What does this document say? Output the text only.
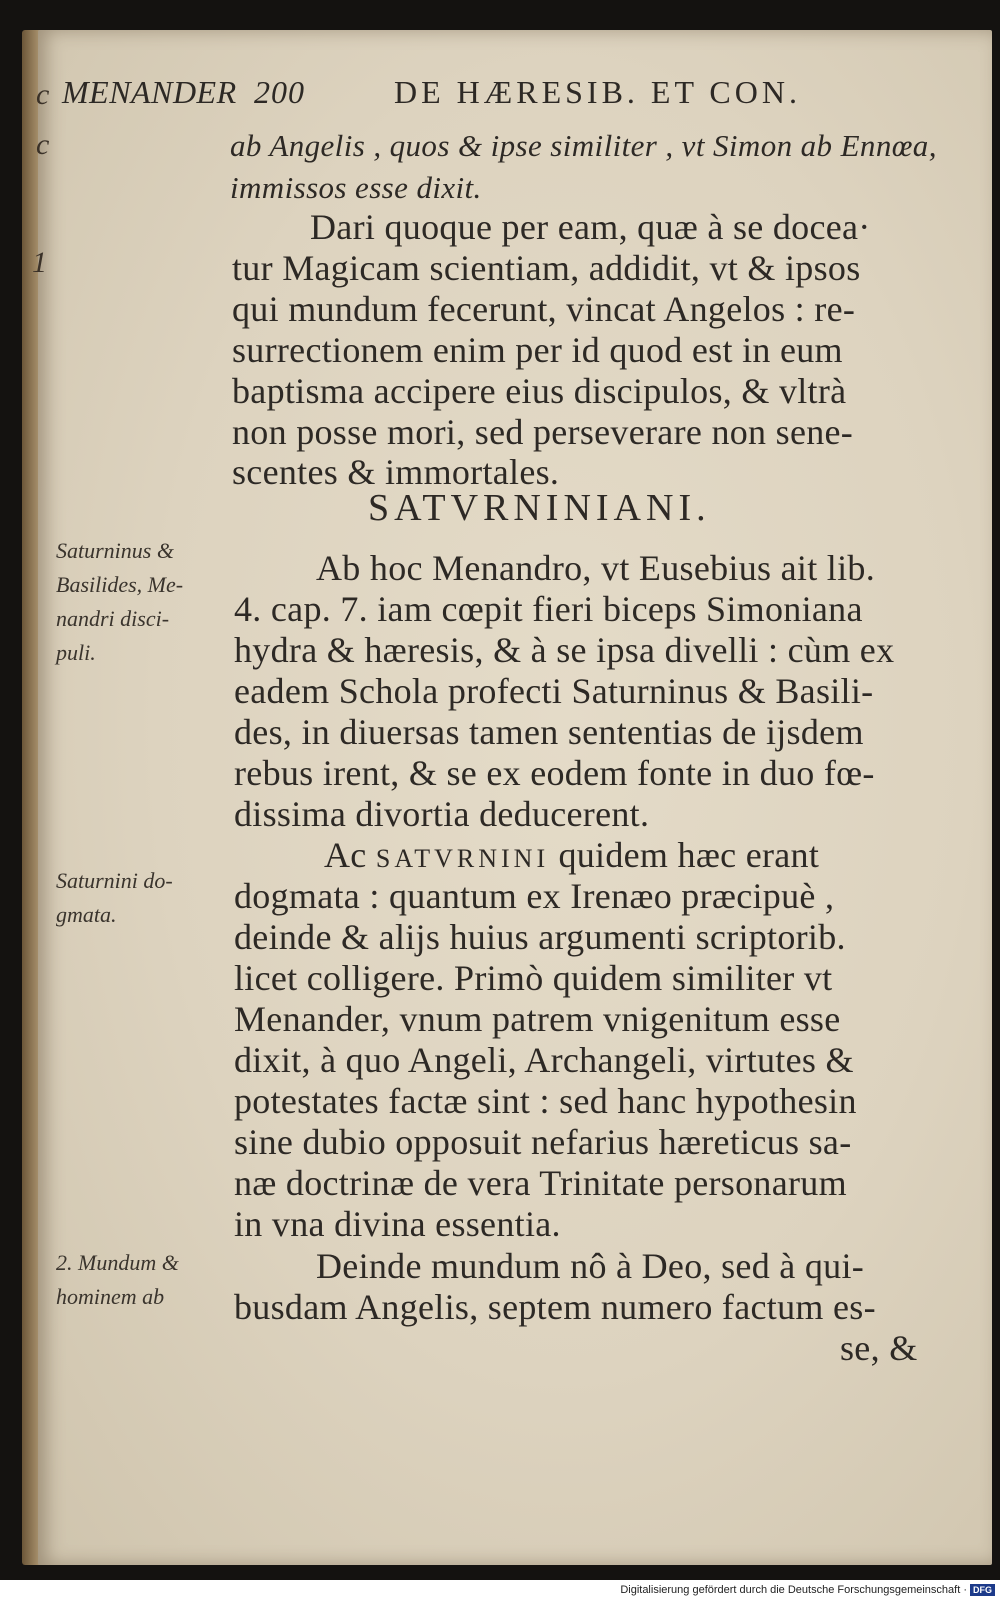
c
c
1
MENANDER 200	DE HÆRESIB. ET CON.
ab Angelis , quos & ipse similiter , vt Simon ab Ennœa,
immissos esse dixit.
Dari quoque per eam, quæ à se docea·
tur Magicam scientiam, addidit, vt & ipsos
qui mundum fecerunt, vincat Angelos : re-
surrectionem enim per id quod est in eum
baptisma accipere eius discipulos, & vltrà
non posse mori, sed perseverare non sene-
scentes & immortales.
SATVRNINIANI.
Ab hoc Menandro, vt Eusebius ait lib.
4. cap. 7. iam cœpit fieri biceps Simoniana
hydra & hæresis, & à se ipsa divelli : cùm ex
eadem Schola profecti Saturninus & Basili-
des, in diuersas tamen sententias de ijsdem
rebus irent, & se ex eodem fonte in duo fœ-
dissima divortia deducerent.
Ac SATVRNINI quidem hæc erant
dogmata : quantum ex Irenæo præcipuè ,
deinde & alijs huius argumenti scriptorib.
licet colligere. Primò quidem similiter vt
Menander, vnum patrem vnigenitum esse
dixit, à quo Angeli, Archangeli, virtutes &
potestates factæ sint : sed hanc hypothesin
sine dubio opposuit nefarius hæreticus sa-
næ doctrinæ de vera Trinitate personarum
in vna divina essentia.
Deinde mundum nô à Deo, sed à qui-
busdam Angelis, septem numero factum es-
se, &
Saturninus &
Basilides, Me-
nandri disci-
puli.
Saturnini do-
gmata.
2. Mundum &
hominem ab
Digitalisierung gefördert durch die Deutsche Forschungsgemeinschaft · DFG
